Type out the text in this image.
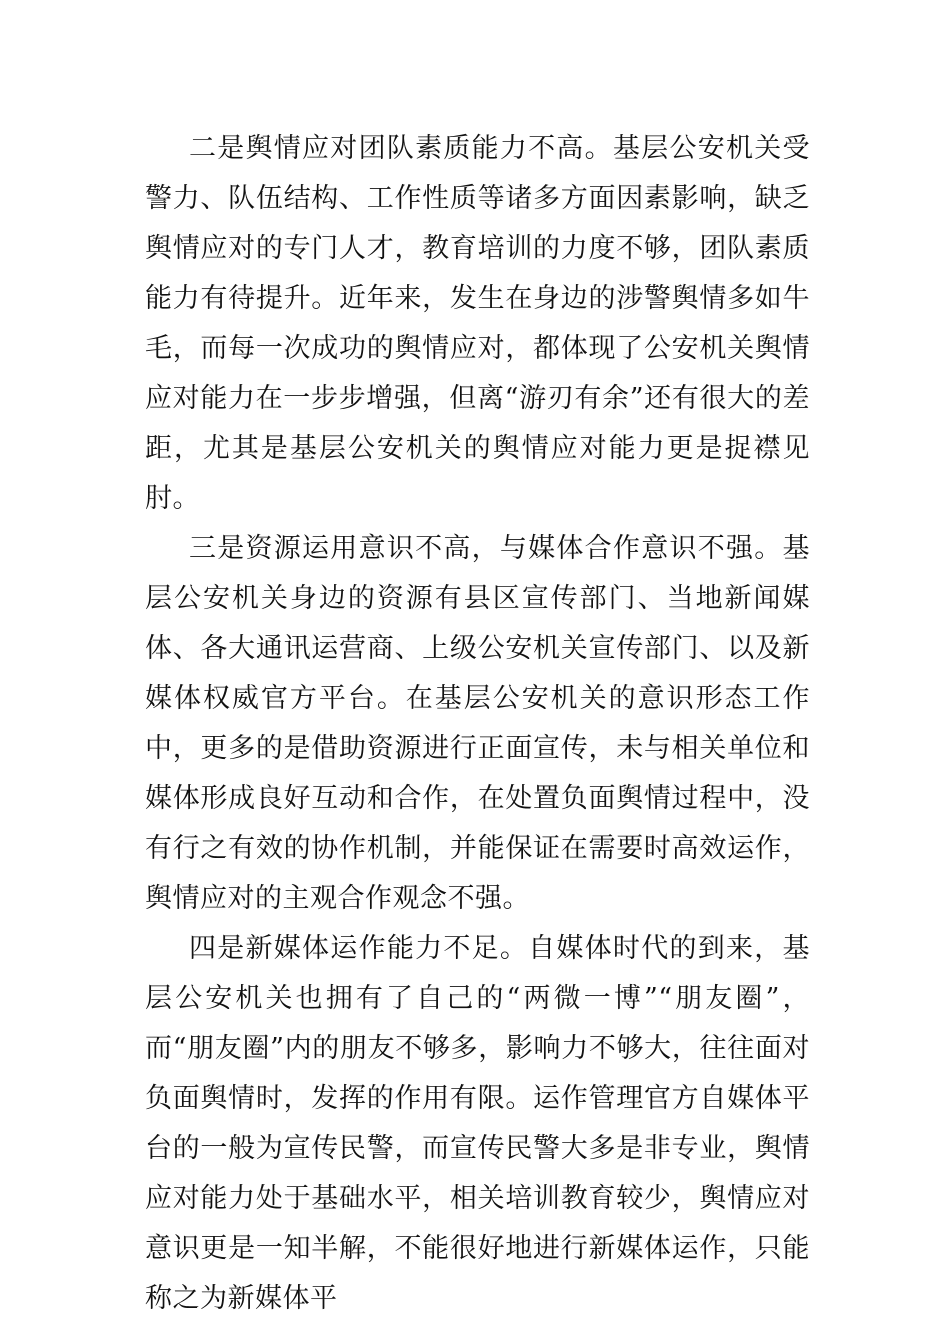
二是舆情应对团队素质能力不高。基层公安机关受警力、队伍结构、工作性质等诸多方面因素影响，缺乏舆情应对的专门人才，教育培训的力度不够，团队素质能力有待提升。近年来，发生在身边的涉警舆情多如牛毛，而每一次成功的舆情应对，都体现了公安机关舆情应对能力在一步步增强，但离“游刃有余”还有很大的差距，尤其是基层公安机关的舆情应对能力更是捉襟见肘。

三是资源运用意识不高，与媒体合作意识不强。基层公安机关身边的资源有县区宣传部门、当地新闻媒体、各大通讯运营商、上级公安机关宣传部门、以及新媒体权威官方平台。在基层公安机关的意识形态工作中，更多的是借助资源进行正面宣传，未与相关单位和媒体形成良好互动和合作，在处置负面舆情过程中，没有行之有效的协作机制，并能保证在需要时高效运作，舆情应对的主观合作观念不强。

四是新媒体运作能力不足。自媒体时代的到来，基层公安机关也拥有了自己的“两微一博”“朋友圈”，而“朋友圈”内的朋友不够多，影响力不够大，往往面对负面舆情时，发挥的作用有限。运作管理官方自媒体平台的一般为宣传民警，而宣传民警大多是非专业，舆情应对能力处于基础水平，相关培训教育较少，舆情应对意识更是一知半解，不能很好地进行新媒体运作，只能称之为新媒体平
